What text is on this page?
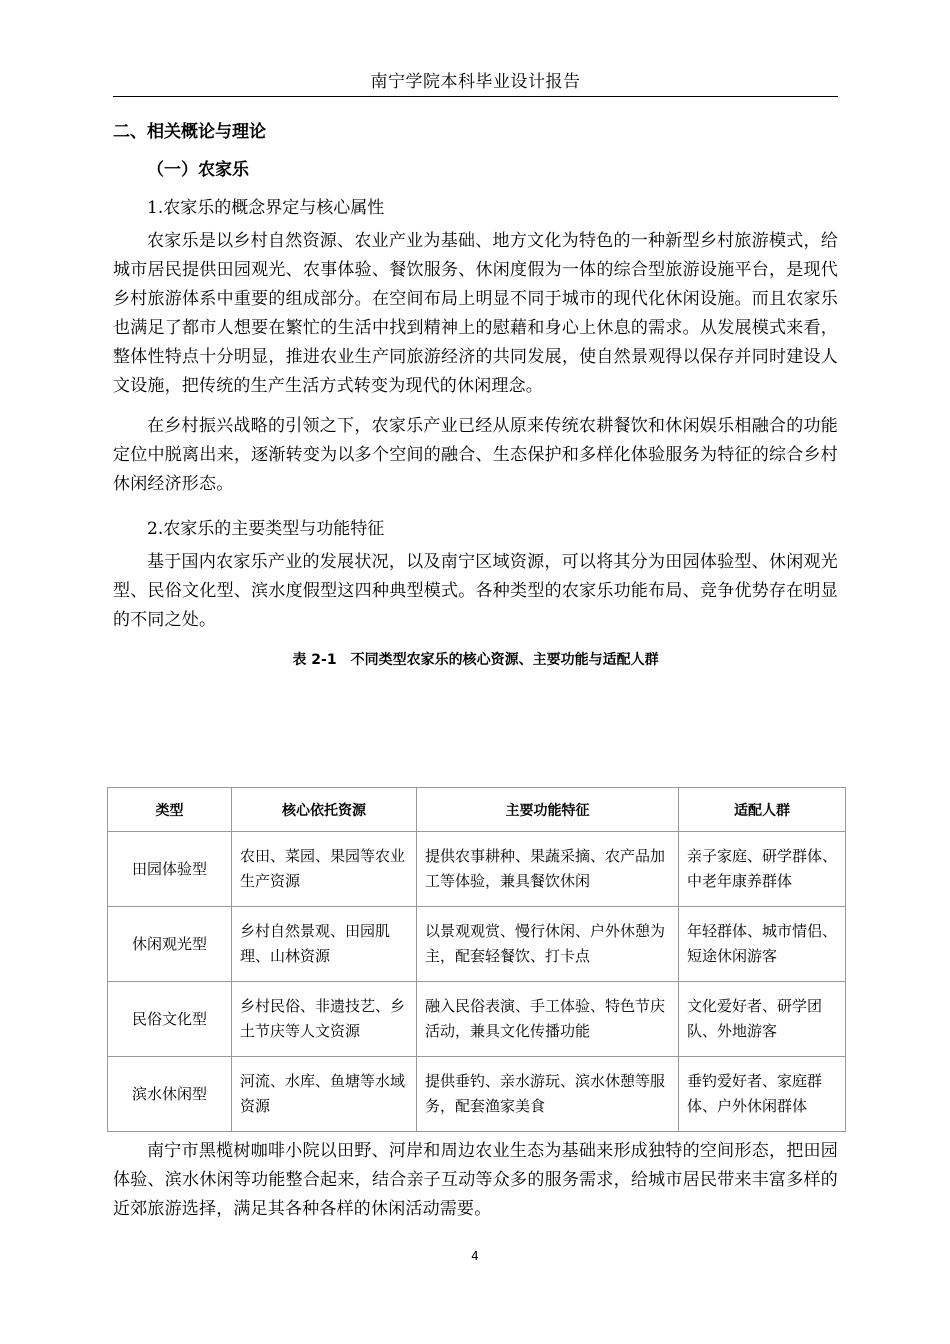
南宁学院本科毕业设计报告

二、相关概论与理论

（一）农家乐

1.农家乐的概念界定与核心属性

农家乐是以乡村自然资源、农业产业为基础、地方文化为特色的一种新型乡村旅游模式，给城市居民提供田园观光、农事体验、餐饮服务、休闲度假为一体的综合型旅游设施平台，是现代乡村旅游体系中重要的组成部分。在空间布局上明显不同于城市的现代化休闲设施。而且农家乐也满足了都市人想要在繁忙的生活中找到精神上的慰藉和身心上休息的需求。从发展模式来看，整体性特点十分明显，推进农业生产同旅游经济的共同发展，使自然景观得以保存并同时建设人文设施，把传统的生产生活方式转变为现代的休闲理念。

在乡村振兴战略的引领之下，农家乐产业已经从原来传统农耕餐饮和休闲娱乐相融合的功能定位中脱离出来，逐渐转变为以多个空间的融合、生态保护和多样化体验服务为特征的综合乡村休闲经济形态。

2.农家乐的主要类型与功能特征

基于国内农家乐产业的发展状况，以及南宁区域资源，可以将其分为田园体验型、休闲观光型、民俗文化型、滨水度假型这四种典型模式。各种类型的农家乐功能布局、竞争优势存在明显的不同之处。

表 2-1 不同类型农家乐的核心资源、主要功能与适配人群
类型	核心依托资源	主要功能特征	适配人群
田园体验型	农田、菜园、果园等农业生产资源	提供农事耕种、果蔬采摘、农产品加工等体验，兼具餐饮休闲	亲子家庭、研学群体、中老年康养群体
休闲观光型	乡村自然景观、田园肌理、山林资源	以景观观赏、慢行休闲、户外休憩为主，配套轻餐饮、打卡点	年轻群体、城市情侣、短途休闲游客
民俗文化型	乡村民俗、非遗技艺、乡土节庆等人文资源	融入民俗表演、手工体验、特色节庆活动，兼具文化传播功能	文化爱好者、研学团队、外地游客
滨水休闲型	河流、水库、鱼塘等水域资源	提供垂钓、亲水游玩、滨水休憩等服务，配套渔家美食	垂钓爱好者、家庭群体、户外休闲群体

南宁市黑榄树咖啡小院以田野、河岸和周边农业生态为基础来形成独特的空间形态，把田园体验、滨水休闲等功能整合起来，结合亲子互动等众多的服务需求，给城市居民带来丰富多样的近郊旅游选择，满足其各种各样的休闲活动需要。

4
